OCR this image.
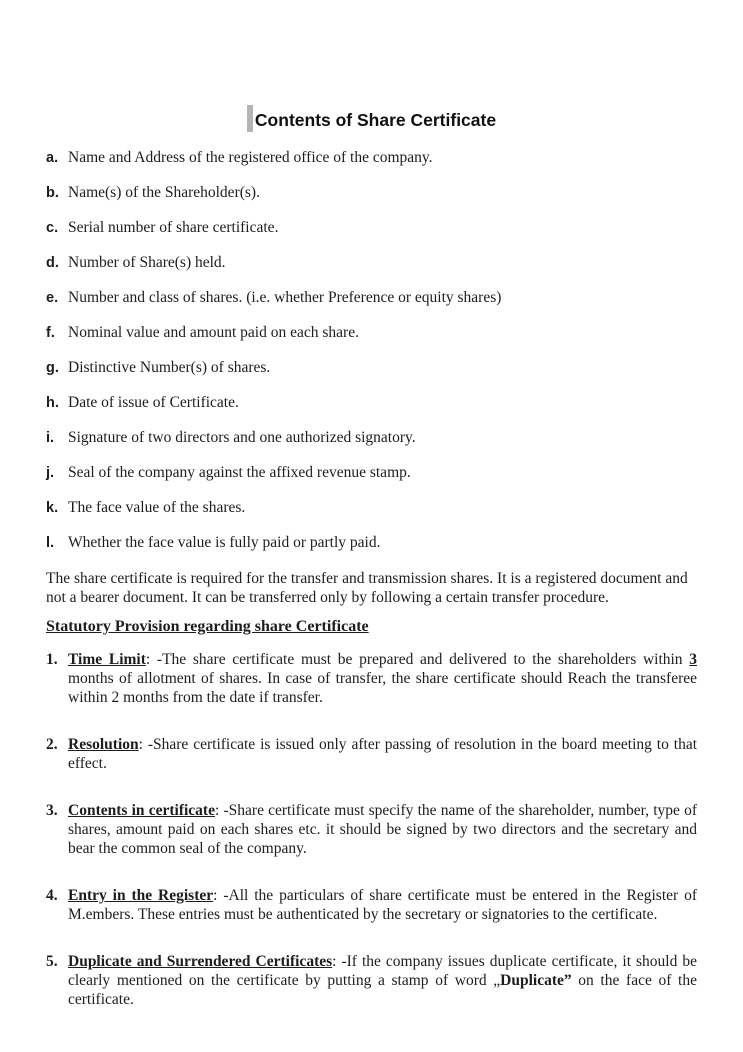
Contents of Share Certificate
a. Name and Address of the registered office of the company.
b. Name(s) of the Shareholder(s).
c. Serial number of share certificate.
d. Number of Share(s) held.
e. Number and class of shares. (i.e. whether Preference or equity shares)
f. Nominal value and amount paid on each share.
g. Distinctive Number(s) of shares.
h. Date of issue of Certificate.
i. Signature of two directors and one authorized signatory.
j. Seal of the company against the affixed revenue stamp.
k. The face value of the shares.
l. Whether the face value is fully paid or partly paid.

The share certificate is required for the transfer and transmission shares. It is a registered document and not a bearer document. It can be transferred only by following a certain transfer procedure.

Statutory Provision regarding share Certificate
1. Time Limit: -The share certificate must be prepared and delivered to the shareholders within 3 months of allotment of shares. In case of transfer, the share certificate should Reach the transferee within 2 months from the date if transfer.
2. Resolution: -Share certificate is issued only after passing of resolution in the board meeting to that effect.
3. Contents in certificate: -Share certificate must specify the name of the shareholder, number, type of shares, amount paid on each shares etc. it should be signed by two directors and the secretary and bear the common seal of the company.
4. Entry in the Register: -All the particulars of share certificate must be entered in the Register of M.embers. These entries must be authenticated by the secretary or signatories to the certificate.
5. Duplicate and Surrendered Certificates: -If the company issues duplicate certificate, it should be clearly mentioned on the certificate by putting a stamp of word „Duplicate” on the face of the certificate.
